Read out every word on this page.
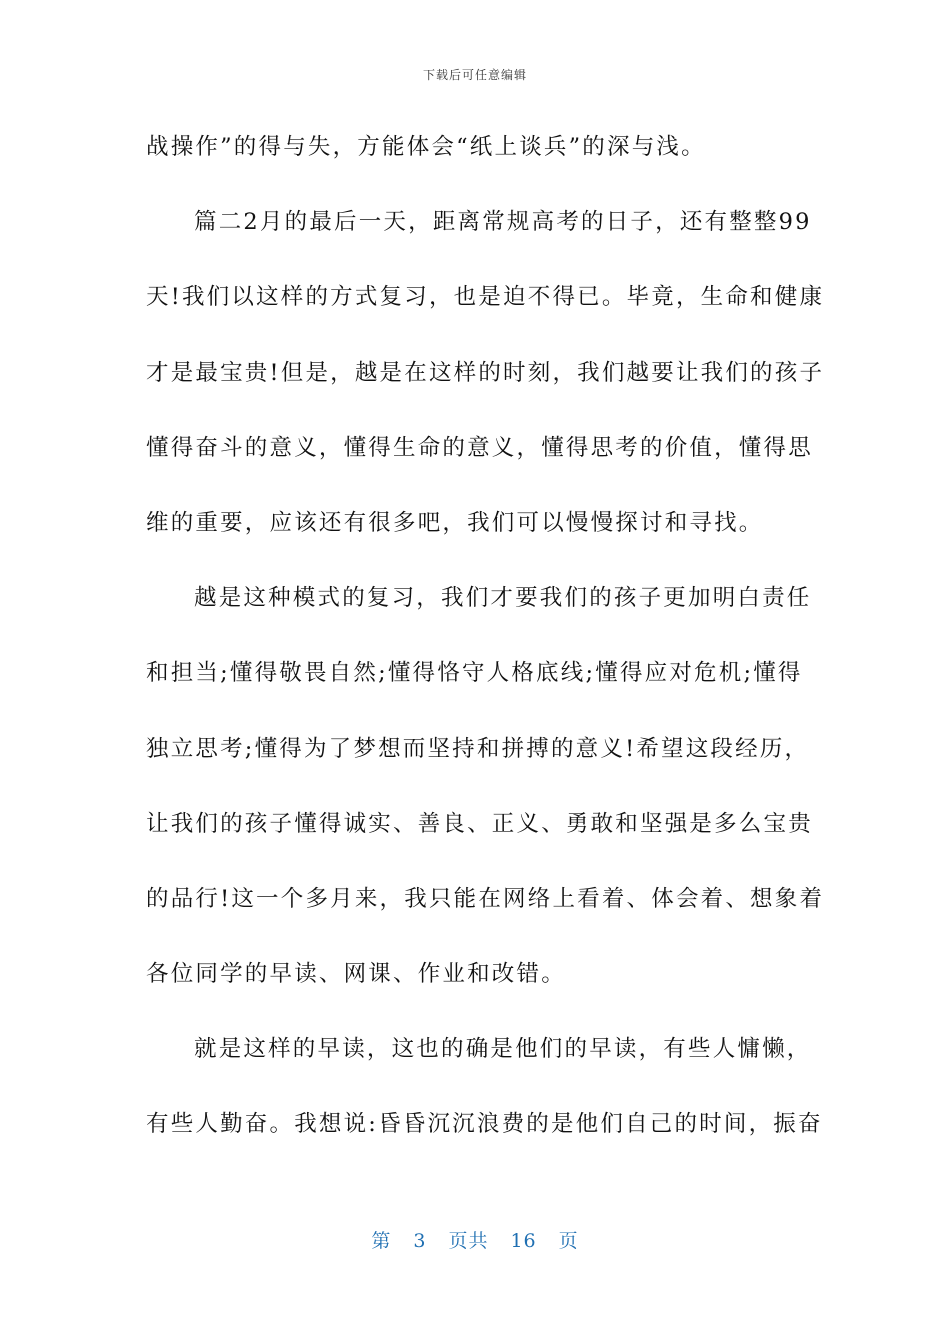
下载后可任意编辑
战操作”的得与失，方能体会“纸上谈兵”的深与浅。
篇二2月的最后一天，距离常规高考的日子，还有整整99
天!我们以这样的方式复习，也是迫不得已。毕竟，生命和健康
才是最宝贵!但是，越是在这样的时刻，我们越要让我们的孩子
懂得奋斗的意义，懂得生命的意义，懂得思考的价值，懂得思
维的重要，应该还有很多吧，我们可以慢慢探讨和寻找。
越是这种模式的复习，我们才要我们的孩子更加明白责任
和担当;懂得敬畏自然;懂得恪守人格底线;懂得应对危机;懂得
独立思考;懂得为了梦想而坚持和拼搏的意义!希望这段经历，
让我们的孩子懂得诚实、善良、正义、勇敢和坚强是多么宝贵
的品行!这一个多月来，我只能在网络上看着、体会着、想象着
各位同学的早读、网课、作业和改错。
就是这样的早读，这也的确是他们的早读，有些人慵懒，
有些人勤奋。我想说:昏昏沉沉浪费的是他们自己的时间，振奋
第 3 页共 16 页
